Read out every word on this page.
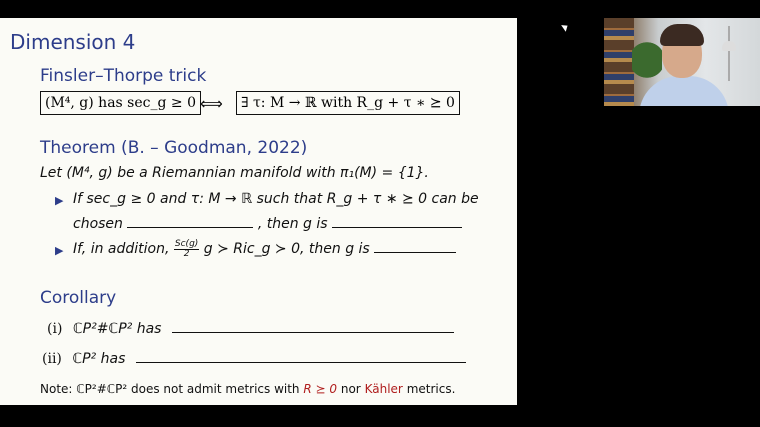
Dimension 4
Finsler–Thorpe trick
(M⁴, g) has sec_g ≥ 0 ⟺	∃ τ: M → ℝ with R_g + τ ∗ ⪰ 0
Theorem (B. – Goodman, 2022)
Let (M⁴, g) be a Riemannian manifold with π₁(M) = {1}.
▶ If sec_g ≥ 0 and τ: M → ℝ such that R_g + τ ∗ ⪰ 0 can be
chosen	, then g is
▶ If, in addition, $\frac{Sc(g)}{2}$ g ≻ Ric_g ≻ 0, then g is
Corollary
(i) ℂP²#ℂP² has
(ii) ℂP² has
Note: ℂP²#ℂP² does not admit metrics with R ⪰ 0 nor Kähler metrics.
